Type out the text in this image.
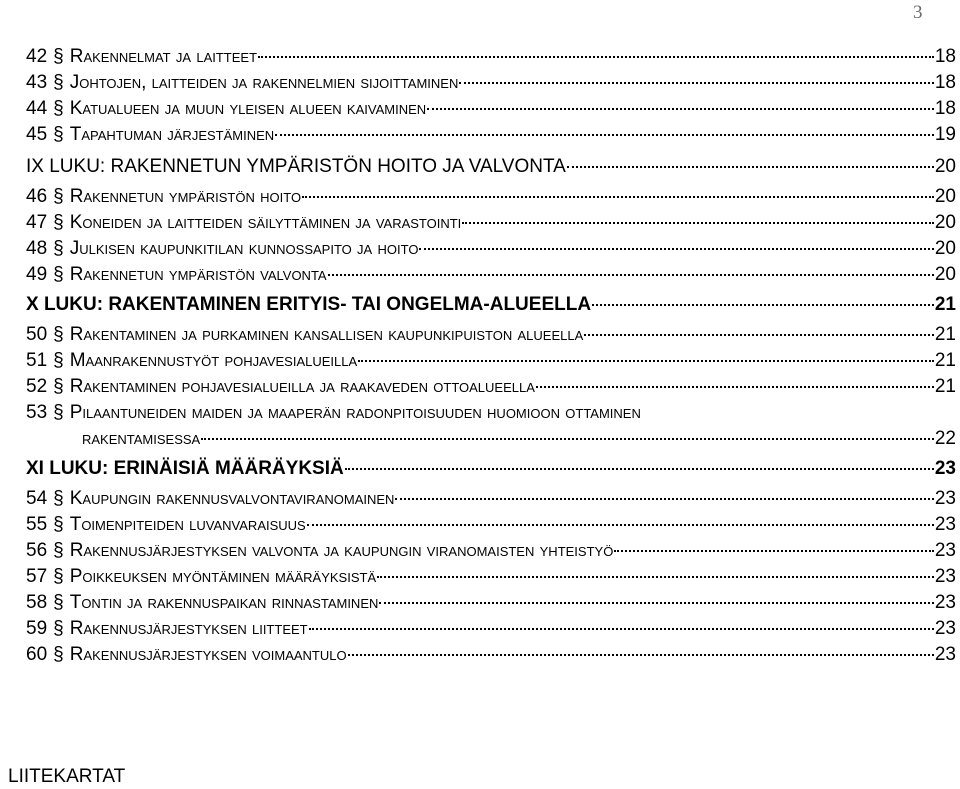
3
42 § Rakennelmat ja laitteet	18
43 § Johtojen, laitteiden ja rakennelmien sijoittaminen	18
44 § Katualueen ja muun yleisen alueen kaivaminen	18
45 § Tapahtuman järjestäminen	19
IX LUKU: RAKENNETUN YMPÄRISTÖN HOITO JA VALVONTA	20
46 § Rakennetun ympäristön hoito	20
47 § Koneiden ja laitteiden säilyttäminen ja varastointi	20
48 § Julkisen kaupunkitilan kunnossapito ja hoito	20
49 § Rakennetun ympäristön valvonta	20
X LUKU: RAKENTAMINEN ERITYIS- TAI ONGELMA-ALUEELLA	21
50 § Rakentaminen ja purkaminen kansallisen kaupunkipuiston alueella	21
51 § Maanrakennustyöt pohjavesialueilla	21
52 § Rakentaminen pohjavesialueilla ja raakaveden ottoalueella	21
53 § Pilaantuneiden maiden ja maaperän radonpitoisuuden huomioon ottaminen
rakentamisessa	22
XI LUKU: ERINÄISIÄ MÄÄRÄYKSIÄ	23
54 § Kaupungin rakennusvalvontaviranomainen	23
55 § Toimenpiteiden luvanvaraisuus	23
56 § Rakennusjärjestyksen valvonta ja kaupungin viranomaisten yhteistyö	23
57 § Poikkeuksen myöntäminen määräyksistä	23
58 § Tontin ja rakennuspaikan rinnastaminen	23
59 § Rakennusjärjestyksen liitteet	23
60 § Rakennusjärjestyksen voimaantulo	23
LIITEKARTAT
